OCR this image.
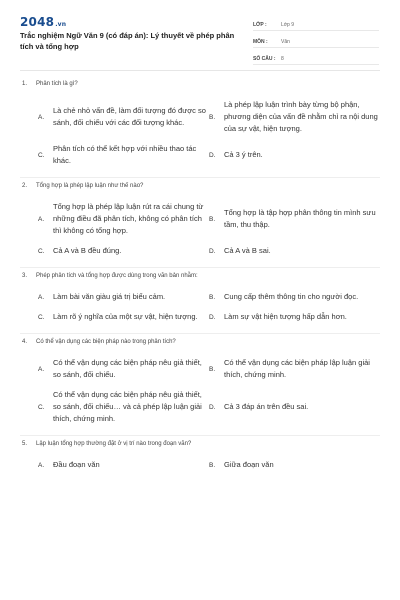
2048.vn
Trắc nghiệm Ngữ Văn 9 (có đáp án): Lý thuyết về phép phân tích và tổng hợp
LỚP :	Lớp 9
MÔN :	Văn
SỐ CÂU :	8
1. Phân tích là gì?
A.
Là chẻ nhỏ vấn đề, làm đối tượng đó được so sánh, đối chiếu với các đối tượng khác.
B.
Là phép lập luận trình bày từng bộ phận, phương diện của vấn đề nhằm chỉ ra nội dung của sự vật, hiện tượng.
C.
Phân tích có thể kết hợp với nhiều thao tác khác.
D.	Cả 3 ý trên.
2. Tổng hợp là phép lập luận như thế nào?
A.
Tổng hợp là phép lập luận rút ra cái chung từ những điều đã phân tích, không có phân tích thì không có tổng hợp.
B.
Tổng hợp là tập hợp phân thông tin mình sưu tầm, thu thập.
C.	Cả A và B đều đúng.	D.	Cả A và B sai.
3. Phép phân tích và tổng hợp được dùng trong văn bản nhằm:
A.	Làm bài văn giàu giá trị biểu cảm.	B.	Cung cấp thêm thông tin cho người đọc.
C.	Làm rõ ý nghĩa của một sự vật, hiện tượng. D.	Làm sự vật hiện tượng hấp dẫn hơn.
4. Có thể vận dụng các biện pháp nào trong phân tích?
A.
Có thể vận dụng các biện pháp nêu giả thiết, so sánh, đối chiếu.
B.
Có thể vận dụng các biện pháp lập luận giải thích, chứng minh.
C.
Có thể vận dụng các biện pháp nêu giả thiết, so sánh, đối chiếu… và cả phép lập luận giải thích, chứng minh.
D.	Cả 3 đáp án trên đều sai.
5. Lập luận tổng hợp thường đặt ở vị trí nào trong đoạn văn?
A.	Đầu đoạn văn	B.	Giữa đoạn văn
